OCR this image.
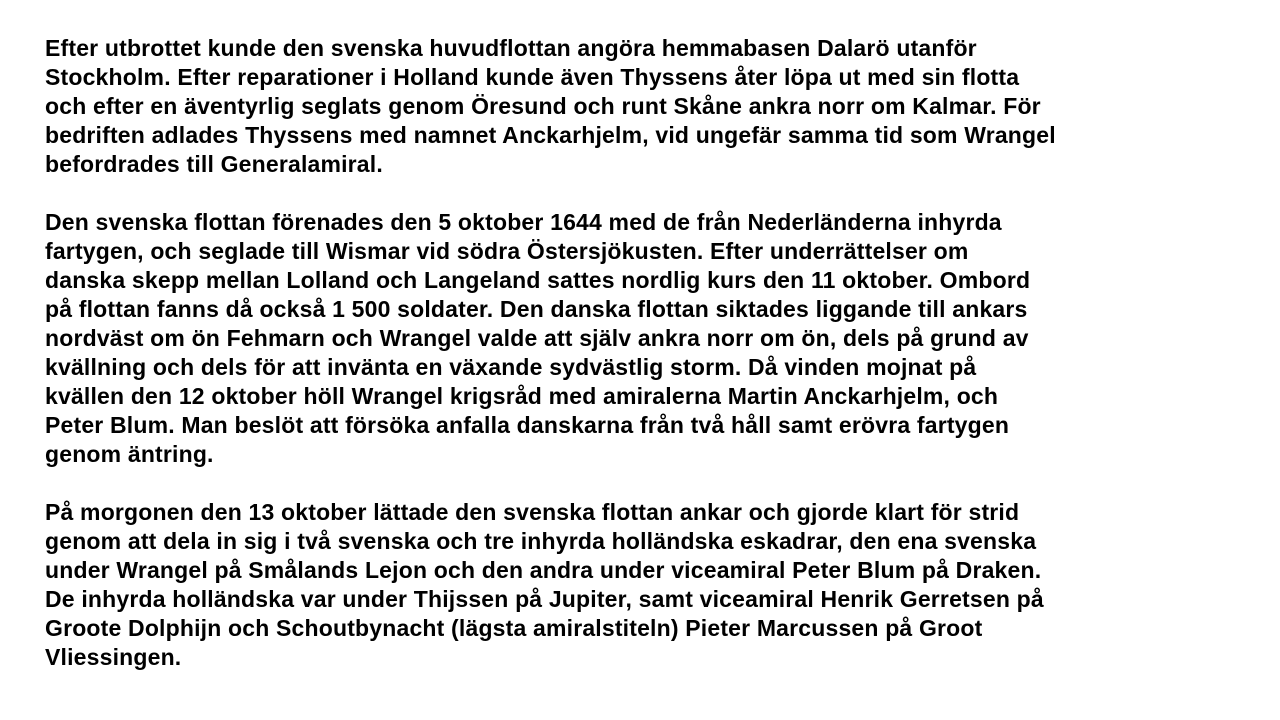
Efter utbrottet kunde den svenska huvudflottan angöra hemmabasen Dalarö utanför
Stockholm. Efter reparationer i Holland kunde även Thyssens åter löpa ut med sin flotta
och efter en äventyrlig seglats genom Öresund och runt Skåne ankra norr om Kalmar. För
bedriften adlades Thyssens med namnet Anckarhjelm, vid ungefär samma tid som Wrangel
befordrades till Generalamiral.
Den svenska flottan förenades den 5 oktober 1644 med de från Nederländerna inhyrda
fartygen, och seglade till Wismar vid södra Östersjökusten. Efter underrättelser om
danska skepp mellan Lolland och Langeland sattes nordlig kurs den 11 oktober. Ombord
på flottan fanns då också 1 500 soldater. Den danska flottan siktades liggande till ankars
nordväst om ön Fehmarn och Wrangel valde att själv ankra norr om ön, dels på grund av
kvällning och dels för att invänta en växande sydvästlig storm. Då vinden mojnat på
kvällen den 12 oktober höll Wrangel krigsråd med amiralerna Martin Anckarhjelm, och
Peter Blum. Man beslöt att försöka anfalla danskarna från två håll samt erövra fartygen
genom äntring.
På morgonen den 13 oktober lättade den svenska flottan ankar och gjorde klart för strid
genom att dela in sig i två svenska och tre inhyrda holländska eskadrar, den ena svenska
under Wrangel på Smålands Lejon och den andra under viceamiral Peter Blum på Draken.
De inhyrda holländska var under Thijssen på Jupiter, samt viceamiral Henrik Gerretsen på
Groote Dolphijn och Schoutbynacht (lägsta amiralstiteln) Pieter Marcussen på Groot
Vliessingen.
